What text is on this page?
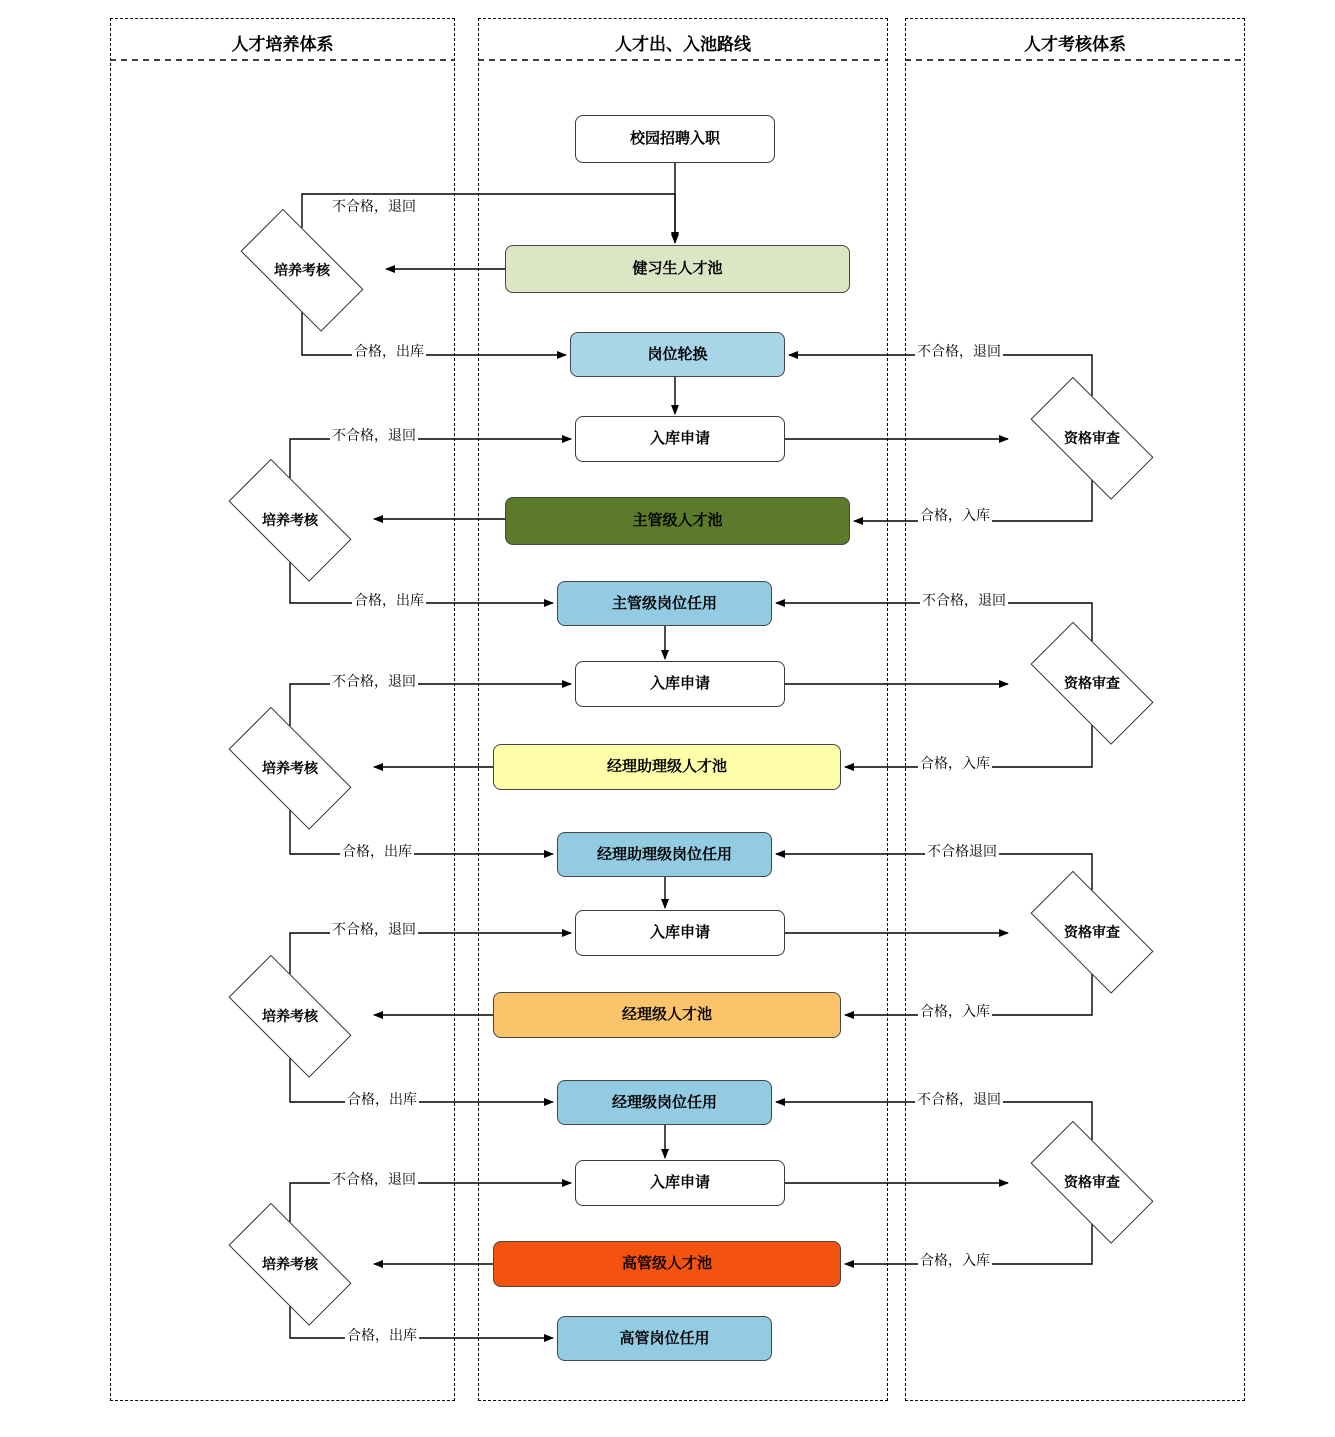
人才培养体系	人才出、入池路线	人才考核体系
校园招聘入职
健习生人才池
岗位轮换
入库申请
主管级人才池
主管级岗位任用
入库申请
经理助理级人才池
经理助理级岗位任用
入库申请
经理级人才池
经理级岗位任用
入库申请
高管级人才池
高管岗位任用
培养考核
培养考核
培养考核
培养考核
培养考核
资格审查
资格审查
资格审查
资格审查
不合格，退回
合格，出库
不合格，退回
合格，出库
不合格，退回
合格，出库
不合格，退回
合格，出库
不合格，退回
合格，出库
不合格，退回
合格，入库
不合格，退回
合格，入库
不合格退回
合格，入库
不合格，退回
合格，入库
